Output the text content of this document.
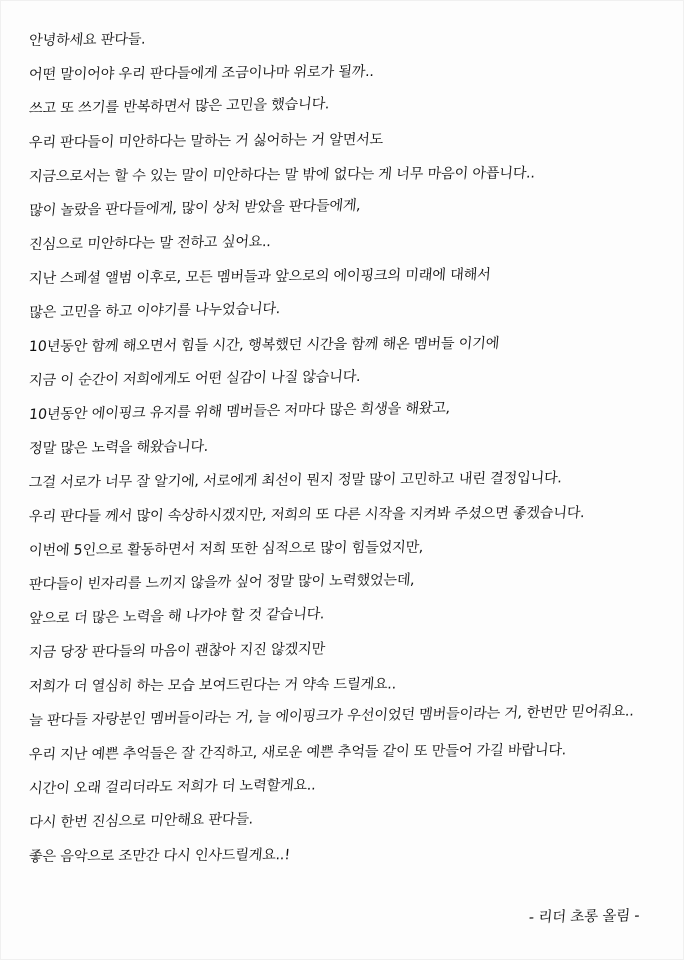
안녕하세요 판다들.
어떤 말이어야 우리 판다들에게 조금이나마 위로가 될까..
쓰고 또 쓰기를 반복하면서 많은 고민을 했습니다.
우리 판다들이 미안하다는 말하는 거 싫어하는 거 알면서도
지금으로서는 할 수 있는 말이 미안하다는 말 밖에 없다는 게 너무 마음이 아픕니다..
많이 놀랐을 판다들에게, 많이 상처 받았을 판다들에게,
진심으로 미안하다는 말 전하고 싶어요..
지난 스페셜 앨범 이후로, 모든 멤버들과 앞으로의 에이핑크의 미래에 대해서
많은 고민을 하고 이야기를 나누었습니다.
10년동안 함께 해오면서 힘들 시간, 행복했던 시간을 함께 해온 멤버들 이기에
지금 이 순간이 저희에게도 어떤 실감이 나질 않습니다.
10년동안 에이핑크 유지를 위해 멤버들은 저마다 많은 희생을 해왔고,
정말 많은 노력을 해왔습니다.
그걸 서로가 너무 잘 알기에, 서로에게 최선이 뭔지 정말 많이 고민하고 내린 결정입니다.
우리 판다들 께서 많이 속상하시겠지만, 저희의 또 다른 시작을 지켜봐 주셨으면 좋겠습니다.
이번에 5인으로 활동하면서 저희 또한 심적으로 많이 힘들었지만,
판다들이 빈자리를 느끼지 않을까 싶어 정말 많이 노력했었는데,
앞으로 더 많은 노력을 해 나가야 할 것 같습니다.
지금 당장 판다들의 마음이 괜찮아 지진 않겠지만
저희가 더 열심히 하는 모습 보여드린다는 거 약속 드릴게요..
늘 판다들 자랑분인 멤버들이라는 거, 늘 에이핑크가 우선이었던 멤버들이라는 거, 한번만 믿어줘요..
우리 지난 예쁜 추억들은 잘 간직하고, 새로운 예쁜 추억들 같이 또 만들어 가길 바랍니다.
시간이 오래 걸리더라도 저희가 더 노력할게요..
다시 한번 진심으로 미안해요 판다들.
좋은 음악으로 조만간 다시 인사드릴게요..!
- 리더 초롱 올림 -
